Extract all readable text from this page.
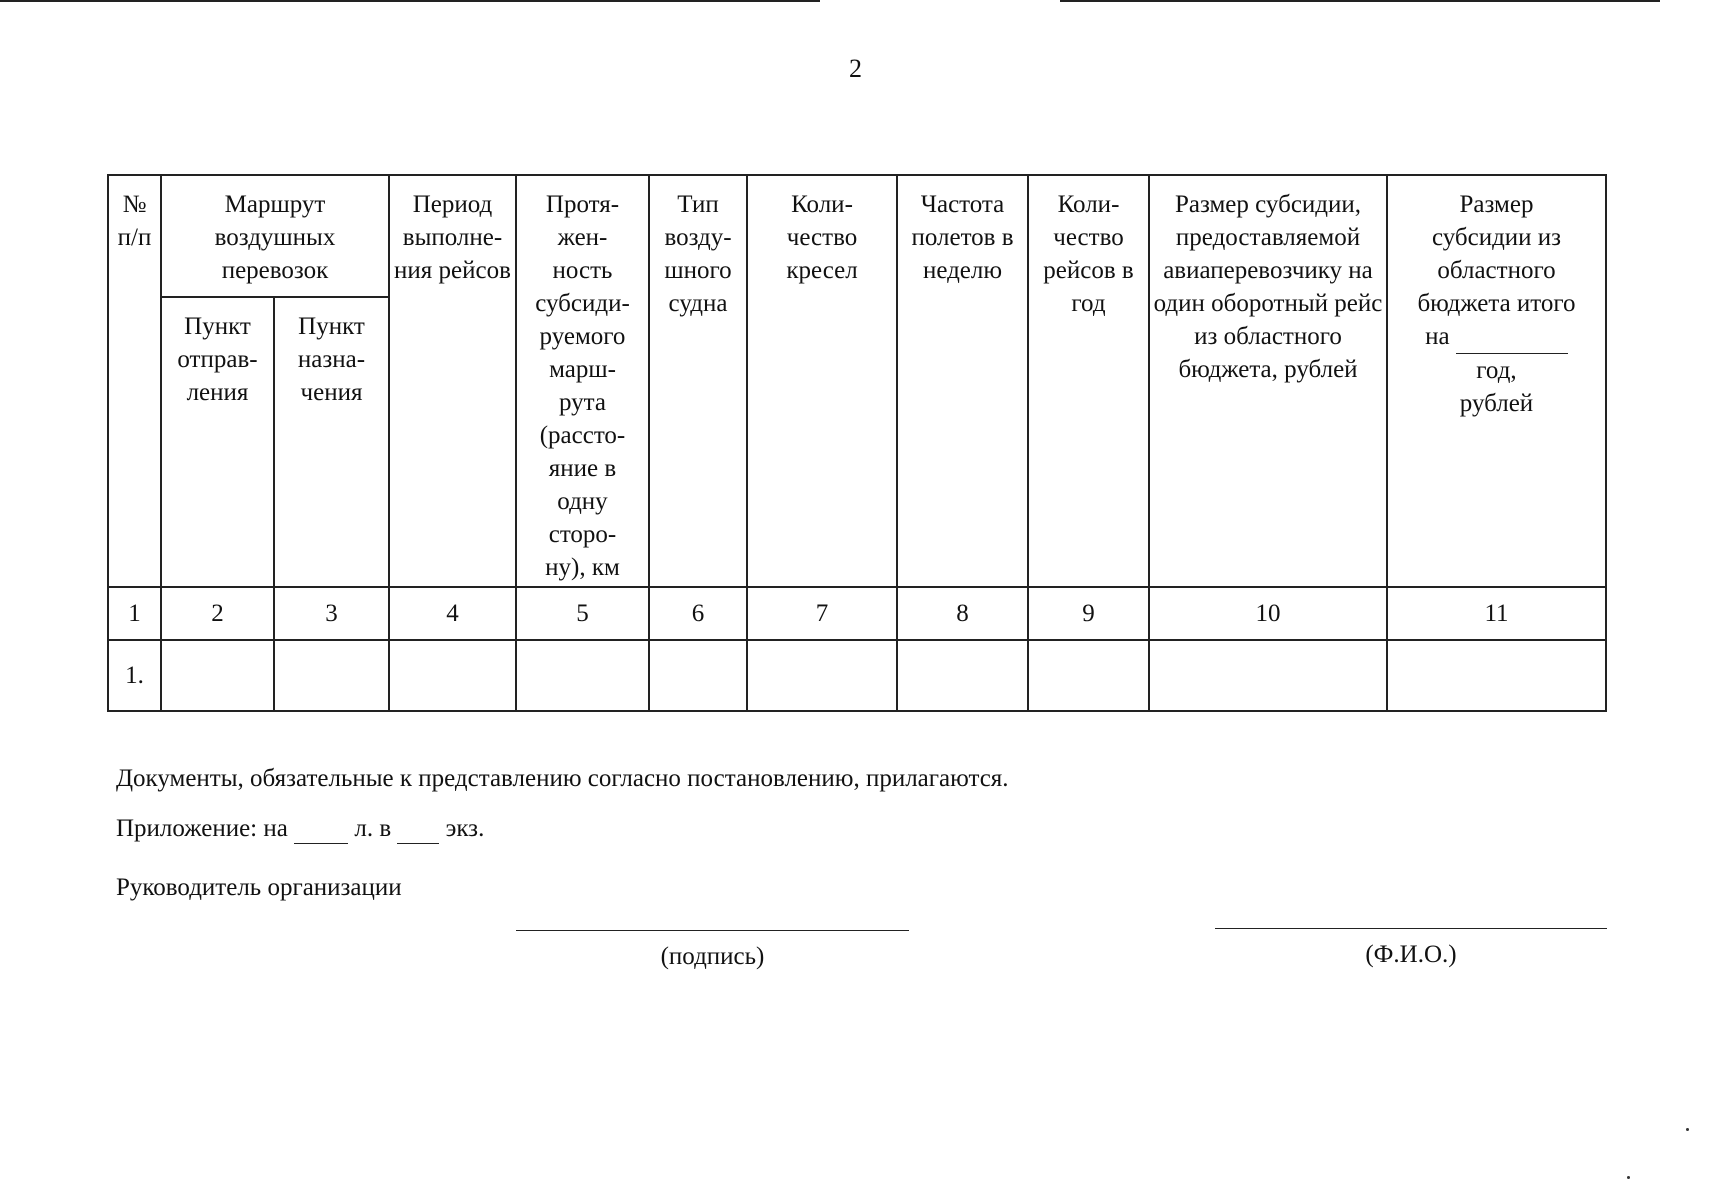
2
№ п/п	Маршрут воздушных перевозок		Период выполне-ния рейсов	Протя-жен-ность субсиди-руемого марш-рута (рассто-яние в одну сторо-ну), км	Тип возду-шного судна	Коли-чество кресел	Частота полетов в неделю	Коли-чество рейсов в год	Размер субсидии, предоставляемой авиаперевозчику на один оборотный рейс из областного бюджета, рублей	Размер субсидии из областного бюджета итого
на   год,
рублей
	Пункт отправ-ления	Пункт назна-чения								
1	2	3	4	5	6	7	8	9	10	11
1.										
Документы, обязательные к представлению согласно постановлению, прилагаются.
Приложение: на	л. в экз.
Руководитель организации
(подпись)	(Ф.И.О.)
